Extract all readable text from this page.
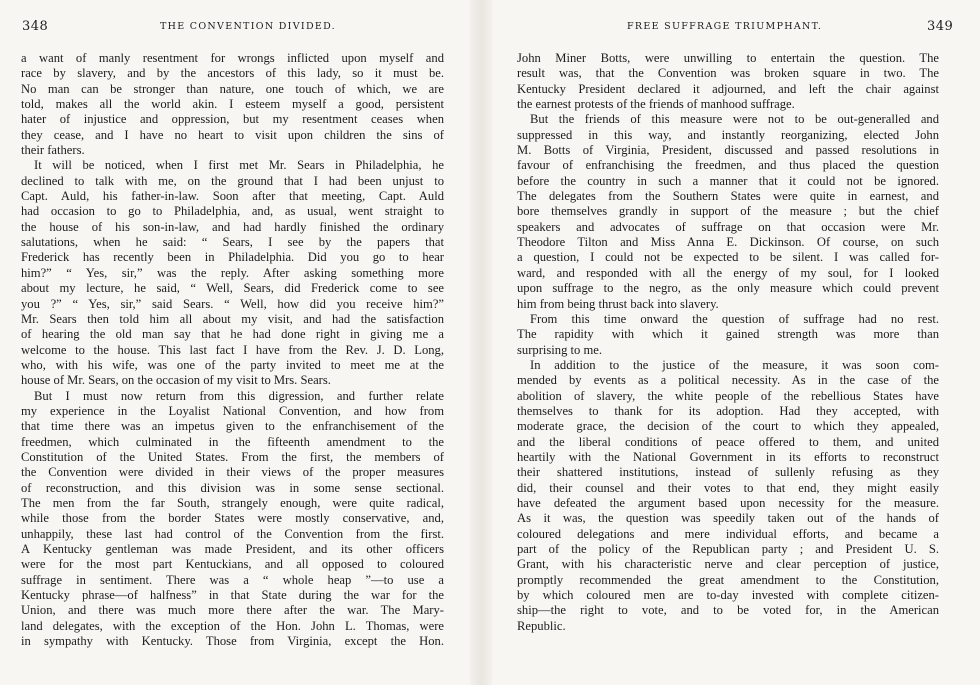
348	THE CONVENTION DIVIDED.
a want of manly resentment for wrongs inflicted upon myself and
race by slavery, and by the ancestors of this lady, so it must be.
No man can be stronger than nature, one touch of which, we are
told, makes all the world akin. I esteem myself a good, persistent
hater of injustice and oppression, but my resentment ceases when
they cease, and I have no heart to visit upon children the sins of
their fathers.
It will be noticed, when I first met Mr. Sears in Philadelphia, he
declined to talk with me, on the ground that I had been unjust to
Capt. Auld, his father-in-law. Soon after that meeting, Capt. Auld
had occasion to go to Philadelphia, and, as usual, went straight to
the house of his son-in-law, and had hardly finished the ordinary
salutations, when he said: “ Sears, I see by the papers that
Frederick has recently been in Philadelphia. Did you go to hear
him?” “ Yes, sir,” was the reply. After asking something more
about my lecture, he said, “ Well, Sears, did Frederick come to see
you ?” “ Yes, sir,” said Sears. “ Well, how did you receive him?”
Mr. Sears then told him all about my visit, and had the satisfaction
of hearing the old man say that he had done right in giving me a
welcome to the house. This last fact I have from the Rev. J. D. Long,
who, with his wife, was one of the party invited to meet me at the
house of Mr. Sears, on the occasion of my visit to Mrs. Sears.
But I must now return from this digression, and further relate
my experience in the Loyalist National Convention, and how from
that time there was an impetus given to the enfranchisement of the
freedmen, which culminated in the fifteenth amendment to the
Constitution of the United States. From the first, the members of
the Convention were divided in their views of the proper measures
of reconstruction, and this division was in some sense sectional.
The men from the far South, strangely enough, were quite radical,
while those from the border States were mostly conservative, and,
unhappily, these last had control of the Convention from the first.
A Kentucky gentleman was made President, and its other officers
were for the most part Kentuckians, and all opposed to coloured
suffrage in sentiment. There was a “ whole heap ”—to use a
Kentucky phrase—of halfness” in that State during the war for the
Union, and there was much more there after the war. The Mary-
land delegates, with the exception of the Hon. John L. Thomas, were
in sympathy with Kentucky. Those from Virginia, except the Hon.
FREE SUFFRAGE TRIUMPHANT.	349
John Miner Botts, were unwilling to entertain the question. The
result was, that the Convention was broken square in two. The
Kentucky President declared it adjourned, and left the chair against
the earnest protests of the friends of manhood suffrage.
But the friends of this measure were not to be out-generalled and
suppressed in this way, and instantly reorganizing, elected John
M. Botts of Virginia, President, discussed and passed resolutions in
favour of enfranchising the freedmen, and thus placed the question
before the country in such a manner that it could not be ignored.
The delegates from the Southern States were quite in earnest, and
bore themselves grandly in support of the measure ; but the chief
speakers and advocates of suffrage on that occasion were Mr.
Theodore Tilton and Miss Anna E. Dickinson. Of course, on such
a question, I could not be expected to be silent. I was called for-
ward, and responded with all the energy of my soul, for I looked
upon suffrage to the negro, as the only measure which could prevent
him from being thrust back into slavery.
From this time onward the question of suffrage had no rest.
The rapidity with which it gained strength was more than
surprising to me.
In addition to the justice of the measure, it was soon com-
mended by events as a political necessity. As in the case of the
abolition of slavery, the white people of the rebellious States have
themselves to thank for its adoption. Had they accepted, with
moderate grace, the decision of the court to which they appealed,
and the liberal conditions of peace offered to them, and united
heartily with the National Government in its efforts to reconstruct
their shattered institutions, instead of sullenly refusing as they
did, their counsel and their votes to that end, they might easily
have defeated the argument based upon necessity for the measure.
As it was, the question was speedily taken out of the hands of
coloured delegations and mere individual efforts, and became a
part of the policy of the Republican party ; and President U. S.
Grant, with his characteristic nerve and clear perception of justice,
promptly recommended the great amendment to the Constitution,
by which coloured men are to-day invested with complete citizen-
ship—the right to vote, and to be voted for, in the American
Republic.
